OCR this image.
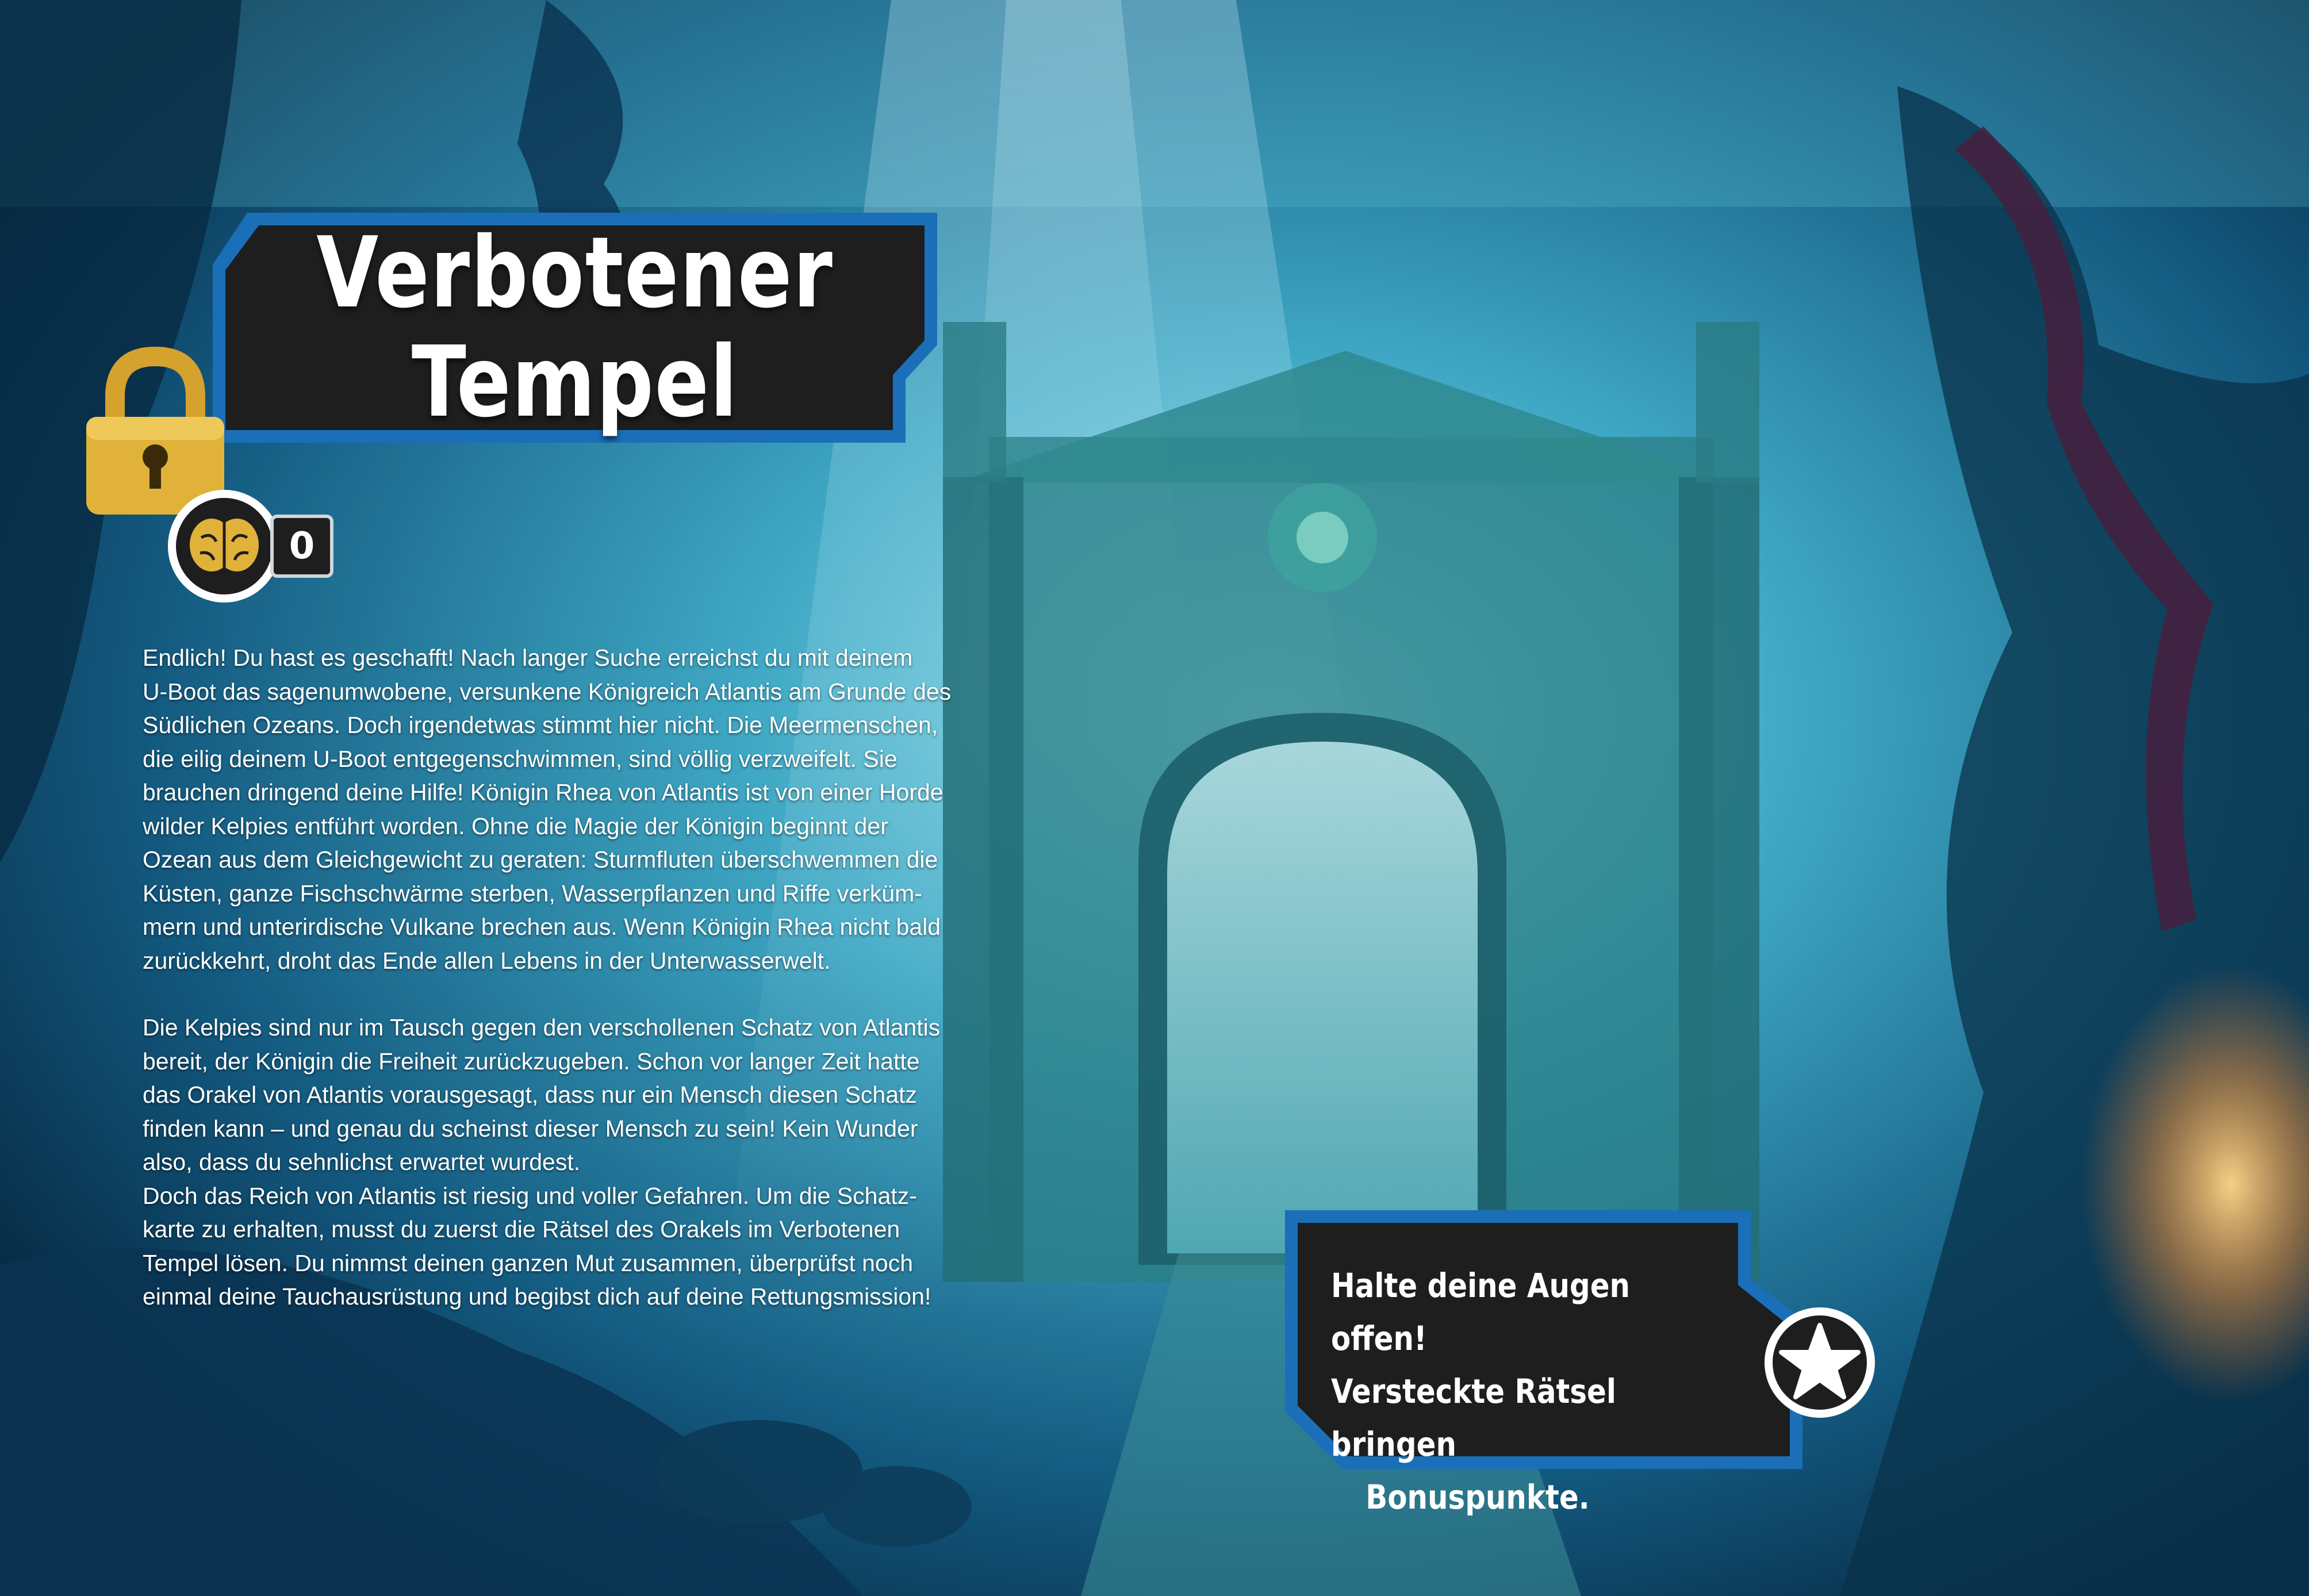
Verbotener
Tempel
0

Endlich! Du hast es geschafft! Nach langer Suche erreichst du mit deinem

U-Boot das sagenumwobene, versunkene Königreich Atlantis am Grunde des

Südlichen Ozeans. Doch irgendetwas stimmt hier nicht. Die Meermenschen,

die eilig deinem U-Boot entgegenschwimmen, sind völlig verzweifelt. Sie

brauchen dringend deine Hilfe! Königin Rhea von Atlantis ist von einer Horde

wilder Kelpies entführt worden. Ohne die Magie der Königin beginnt der

Ozean aus dem Gleichgewicht zu geraten: Sturmfluten überschwemmen die

Küsten, ganze Fischschwärme sterben, Wasserpflanzen und Riffe verküm-

mern und unterirdische Vulkane brechen aus. Wenn Königin Rhea nicht bald

zurückkehrt, droht das Ende allen Lebens in der Unterwasserwelt.

Die Kelpies sind nur im Tausch gegen den verschollenen Schatz von Atlantis

bereit, der Königin die Freiheit zurückzugeben. Schon vor langer Zeit hatte

das Orakel von Atlantis vorausgesagt, dass nur ein Mensch diesen Schatz

finden kann – und genau du scheinst dieser Mensch zu sein! Kein Wunder

also, dass du sehnlichst erwartet wurdest.

Doch das Reich von Atlantis ist riesig und voller Gefahren. Um die Schatz-

karte zu erhalten, musst du zuerst die Rätsel des Orakels im Verbotenen

Tempel lösen. Du nimmst deinen ganzen Mut zusammen, überprüfst noch

einmal deine Tauchausrüstung und begibst dich auf deine Rettungsmission!	Halte deine Augen offen!
Versteckte Rätsel bringen
Bonuspunkte.
